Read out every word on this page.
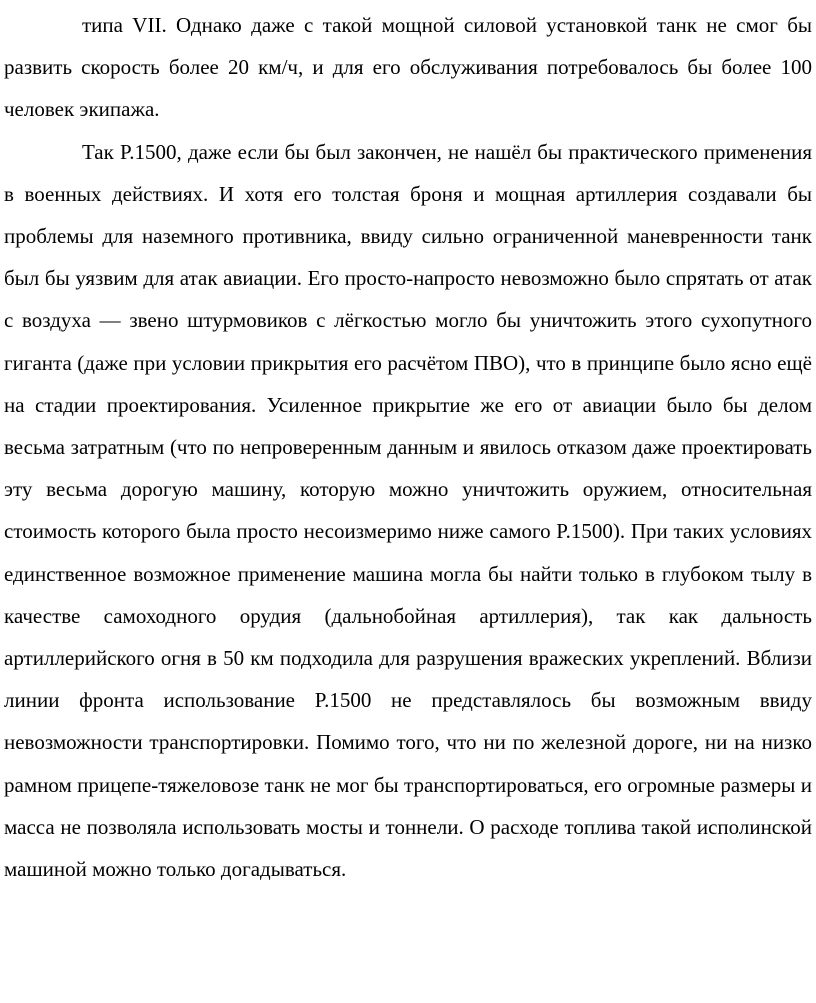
типа VII. Однако даже с такой мощной силовой установкой танк не смог бы развить скорость более 20 км/ч, и для его обслуживания потребовалось бы более 100 человек экипажа.

Так P.1500, даже если бы был закончен, не нашёл бы практического применения в военных действиях. И хотя его толстая броня и мощная артиллерия создавали бы проблемы для наземного противника, ввиду сильно ограниченной маневренности танк был бы уязвим для атак авиации. Его просто-напросто невозможно было спрятать от атак с воздуха — звено штурмовиков с лёгкостью могло бы уничтожить этого сухопутного гиганта (даже при условии прикрытия его расчётом ПВО), что в принципе было ясно ещё на стадии проектирования. Усиленное прикрытие же его от авиации было бы делом весьма затратным (что по непроверенным данным и явилось отказом даже проектировать эту весьма дорогую машину, которую можно уничтожить оружием, относительная стоимость которого была просто несоизмеримо ниже самого P.1500). При таких условиях единственное возможное применение машина могла бы найти только в глубоком тылу в качестве самоходного орудия (дальнобойная артиллерия), так как дальность артиллерийского огня в 50 км подходила для разрушения вражеских укреплений. Вблизи линии фронта использование P.1500 не представлялось бы возможным ввиду невозможности транспортировки. Помимо того, что ни по железной дороге, ни на низко рамном прицепе-тяжеловозе танк не мог бы транспортироваться, его огромные размеры и масса не позволяла использовать мосты и тоннели. О расходе топлива такой исполинской машиной можно только догадываться.
